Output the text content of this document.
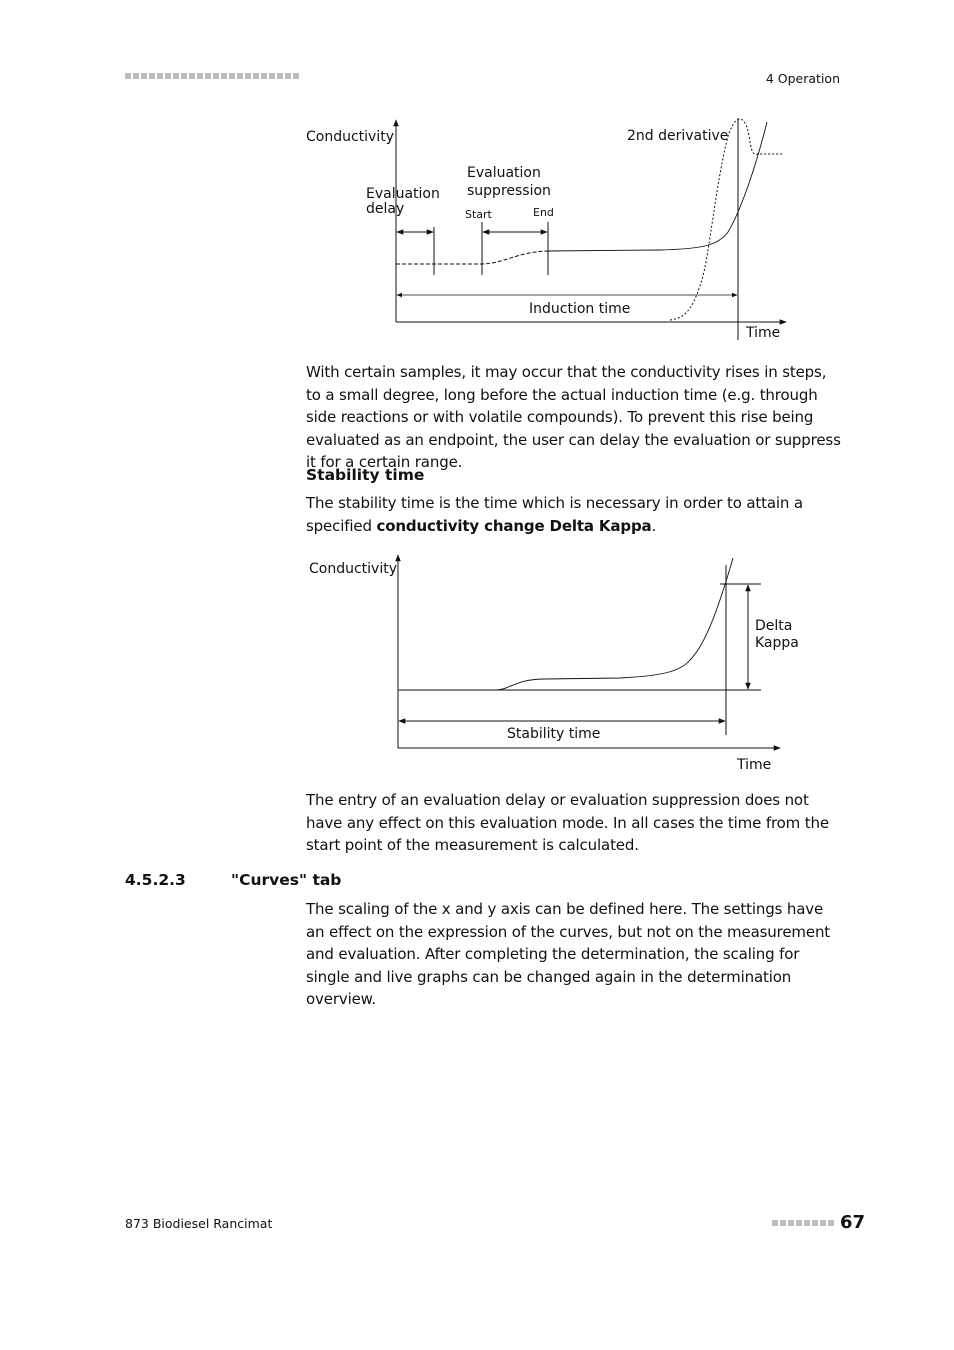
4 Operation
Conductivity	2nd derivative
Evaluation
suppression
Evaluation
delay	Start	End
Induction time
Time

With certain samples, it may occur that the conductivity rises in steps, to a small degree, long before the actual induction time (e.g. through side reactions or with volatile compounds). To prevent this rise being evaluated as an endpoint, the user can delay the evaluation or suppress it for a certain range.

Stability time

The stability time is the time which is necessary in order to attain a specified conductivity change Delta Kappa.

Conductivity
Delta
Kappa
Stability time
Time

The entry of an evaluation delay or evaluation suppression does not have any effect on this evaluation mode. In all cases the time from the start point of the measurement is calculated.

4.5.2.3	"Curves" tab

The scaling of the x and y axis can be defined here. The settings have an effect on the expression of the curves, but not on the measurement and evaluation. After completing the determination, the scaling for single and live graphs can be changed again in the determination overview.

873 Biodiesel Rancimat	67
